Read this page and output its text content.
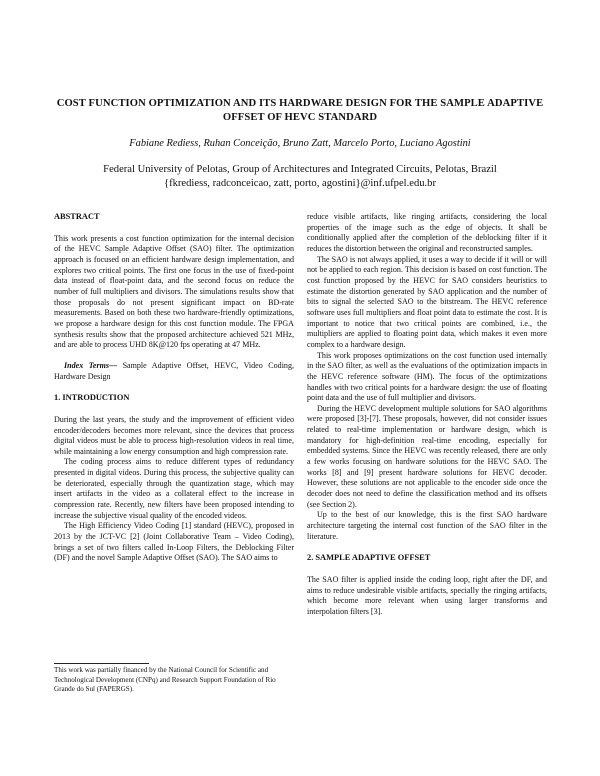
COST FUNCTION OPTIMIZATION AND ITS HARDWARE DESIGN FOR THE SAMPLE ADAPTIVE OFFSET OF HEVC STANDARD
Fabiane Rediess, Ruhan Conceição, Bruno Zatt, Marcelo Porto, Luciano Agostini
Federal University of Pelotas, Group of Architectures and Integrated Circuits, Pelotas, Brazil
{fkrediess, radconceicao, zatt, porto, agostini}@inf.ufpel.edu.br

ABSTRACT

This work presents a cost function optimization for the internal decision of the HEVC Sample Adaptive Offset (SAO) filter. The optimization approach is focused on an efficient hardware design implementation, and explores two critical points. The first one focus in the use of fixed-point data instead of float-point data, and the second focus on reduce the number of full multipliers and divisors. The simulations results show that those proposals do not present significant impact on BD-rate measurements. Based on both these two hardware-friendly optimizations, we propose a hardware design for this cost function module. The FPGA synthesis results show that the proposed architecture achieved 521 MHz, and are able to process UHD 8K@120 fps operating at 47 MHz.

Index Terms— Sample Adaptive Offset, HEVC, Video Coding, Hardware Design

1. INTRODUCTION

During the last years, the study and the improvement of efficient video encoder/decoders becomes more relevant, since the devices that process digital videos must be able to process high-resolution videos in real time, while maintaining a low energy consumption and high compression rate.

The coding process aims to reduce different types of redundancy presented in digital videos. During this process, the subjective quality can be deteriorated, especially through the quantization stage, which may insert artifacts in the video as a collateral effect to the increase in compression rate. Recently, new filters have been proposed intending to increase the subjective visual quality of the encoded videos.

The High Efficiency Video Coding [1] standard (HEVC), proposed in 2013 by the JCT-VC [2] (Joint Collaborative Team – Video Coding), brings a set of two filters called In-Loop Filters, the Deblocking Filter (DF) and the novel Sample Adaptive Offset (SAO). The SAO aims to

reduce visible artifacts, like ringing artifacts, considering the local properties of the image such as the edge of objects. It shall be conditionally applied after the completion of the deblocking filter if it reduces the distortion between the original and reconstructed samples.

The SAO is not always applied, it uses a way to decide if it will or will not be applied to each region. This decision is based on cost function. The cost function proposed by the HEVC for SAO considers heuristics to estimate the distortion generated by SAO application and the number of bits to signal the selected SAO to the bitstream. The HEVC reference software uses full multipliers and float point data to estimate the cost. It is important to notice that two critical points are combined, i.e., the multipliers are applied to floating point data, which makes it even more complex to a hardware design.

This work proposes optimizations on the cost function used internally in the SAO filter, as well as the evaluations of the optimization impacts in the HEVC reference software (HM). The focus of the optimizations handles with two critical points for a hardware design: the use of floating point data and the use of full multiplier and divisors.

During the HEVC development multiple solutions for SAO algorithms were proposed [3]-[7]. These proposals, however, did not consider issues related to real-time implementation or hardware design, which is mandatory for high-definition real-time encoding, especially for embedded systems. Since the HEVC was recently released, there are only a few works focusing on hardware solutions for the HEVC SAO. The works [8] and [9] present hardware solutions for HEVC decoder. However, these solutions are not applicable to the encoder side once the decoder does not need to define the classification method and its offsets (see Section 2).

Up to the best of our knowledge, this is the first SAO hardware architecture targeting the internal cost function of the SAO filter in the literature.

2. SAMPLE ADAPTIVE OFFSET

The SAO filter is applied inside the coding loop, right after the DF, and aims to reduce undesirable visible artifacts, specially the ringing artifacts, which become more relevant when using larger transforms and interpolation filters [3].

This work was partially financed by the National Council for Scientific and Technological Development (CNPq) and Research Support Foundation of Rio Grande do Sul (FAPERGS).
